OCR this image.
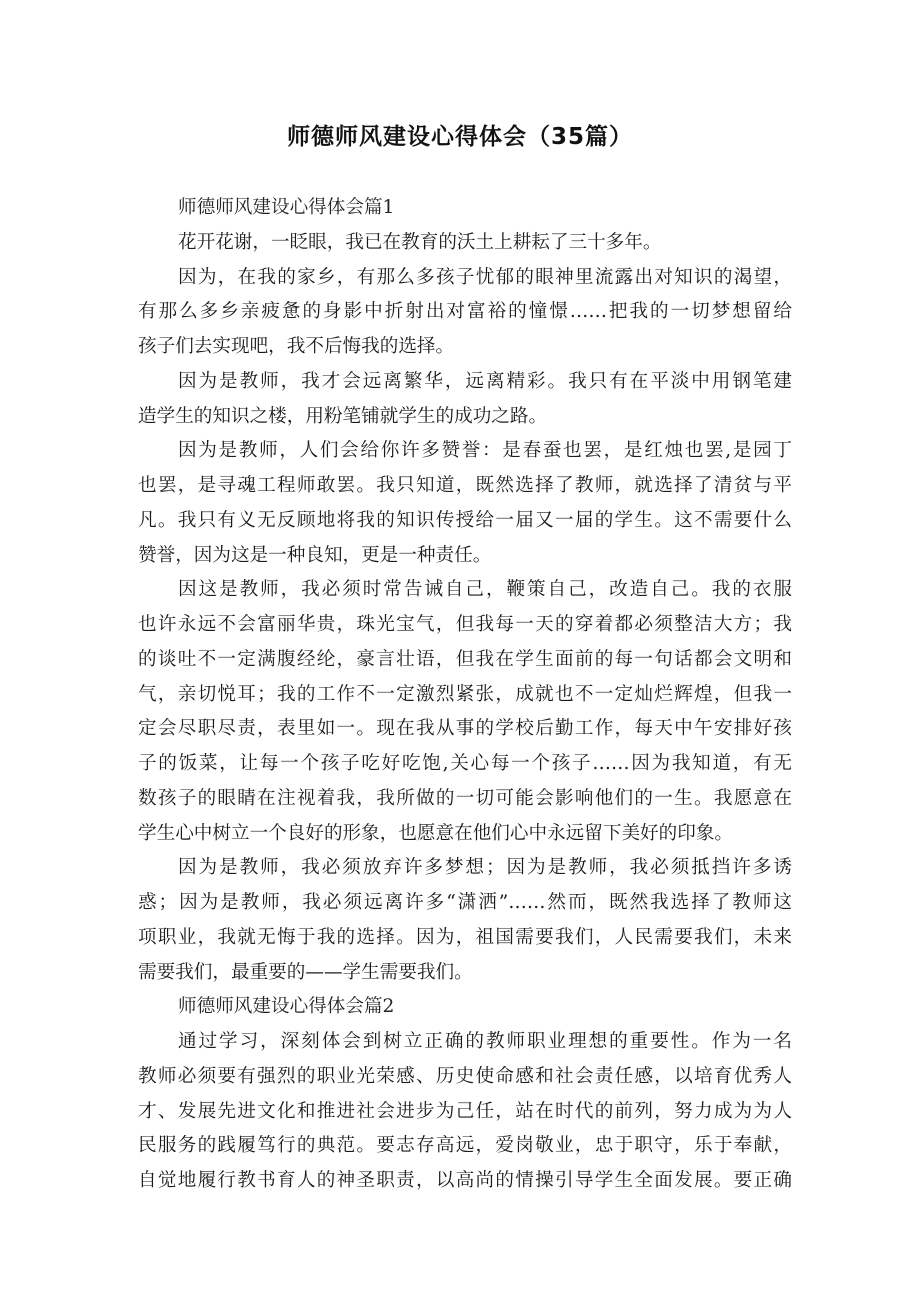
师德师风建设心得体会（35篇）
师德师风建设心得体会篇1
花开花谢，一眨眼，我已在教育的沃土上耕耘了三十多年。
因为，在我的家乡，有那么多孩子忧郁的眼神里流露出对知识的渴望，
有那么多乡亲疲惫的身影中折射出对富裕的憧憬……把我的一切梦想留给
孩子们去实现吧，我不后悔我的选择。
因为是教师，我才会远离繁华，远离精彩。我只有在平淡中用钢笔建
造学生的知识之楼，用粉笔铺就学生的成功之路。
因为是教师，人们会给你许多赞誉：是春蚕也罢，是红烛也罢,是园丁
也罢，是寻魂工程师敢罢。我只知道，既然选择了教师，就选择了清贫与平
凡。我只有义无反顾地将我的知识传授给一届又一届的学生。这不需要什么
赞誉，因为这是一种良知，更是一种责任。
因这是教师，我必须时常告诫自己，鞭策自己，改造自己。我的衣服
也许永远不会富丽华贵，珠光宝气，但我每一天的穿着都必须整洁大方；我
的谈吐不一定满腹经纶，豪言壮语，但我在学生面前的每一句话都会文明和
气，亲切悦耳；我的工作不一定激烈紧张，成就也不一定灿烂辉煌，但我一
定会尽职尽责，表里如一。现在我从事的学校后勤工作，每天中午安排好孩
子的饭菜，让每一个孩子吃好吃饱,关心每一个孩子……因为我知道，有无
数孩子的眼睛在注视着我，我所做的一切可能会影响他们的一生。我愿意在
学生心中树立一个良好的形象，也愿意在他们心中永远留下美好的印象。
因为是教师，我必须放弃许多梦想；因为是教师，我必须抵挡许多诱
惑；因为是教师，我必须远离许多“潇洒”……然而，既然我选择了教师这
项职业，我就无悔于我的选择。因为，祖国需要我们，人民需要我们，未来
需要我们，最重要的——学生需要我们。
师德师风建设心得体会篇2
通过学习，深刻体会到树立正确的教师职业理想的重要性。作为一名
教师必须要有强烈的职业光荣感、历史使命感和社会责任感，以培育优秀人
才、发展先进文化和推进社会进步为己任，站在时代的前列，努力成为为人
民服务的践履笃行的典范。要志存高远，爱岗敬业，忠于职守，乐于奉献，
自觉地履行教书育人的神圣职责，以高尚的情操引导学生全面发展。要正确
